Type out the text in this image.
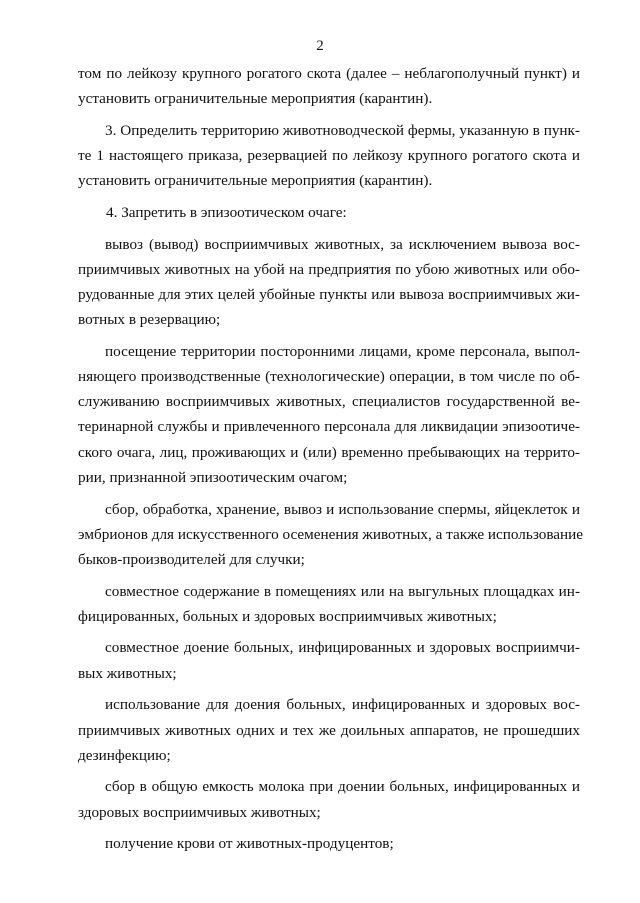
2
том по лейкозу крупного рогатого скота (далее – неблагополучный пункт) и
установить ограничительные мероприятия (карантин).
3. Определить территорию животноводческой фермы, указанную в пунк-
те 1 настоящего приказа, резервацией по лейкозу крупного рогатого скота и
установить ограничительные мероприятия (карантин).
4. Запретить в эпизоотическом очаге:
вывоз (вывод) восприимчивых животных, за исключением вывоза вос-
приимчивых животных на убой на предприятия по убою животных или обо-
рудованные для этих целей убойные пункты или вывоза восприимчивых жи-
вотных в резервацию;
посещение территории посторонними лицами, кроме персонала, выпол-
няющего производственные (технологические) операции, в том числе по об-
служиванию восприимчивых животных, специалистов государственной ве-
теринарной службы и привлеченного персонала для ликвидации эпизоотиче-
ского очага, лиц, проживающих и (или) временно пребывающих на террито-
рии, признанной эпизоотическим очагом;
сбор, обработка, хранение, вывоз и использование спермы, яйцеклеток и
эмбрионов для искусственного осеменения животных, а также использование
быков-производителей для случки;
совместное содержание в помещениях или на выгульных площадках ин-
фицированных, больных и здоровых восприимчивых животных;
совместное доение больных, инфицированных и здоровых восприимчи-
вых животных;
использование для доения больных, инфицированных и здоровых вос-
приимчивых животных одних и тех же доильных аппаратов, не прошедших
дезинфекцию;
сбор в общую емкость молока при доении больных, инфицированных и
здоровых восприимчивых животных;
получение крови от животных-продуцентов;
